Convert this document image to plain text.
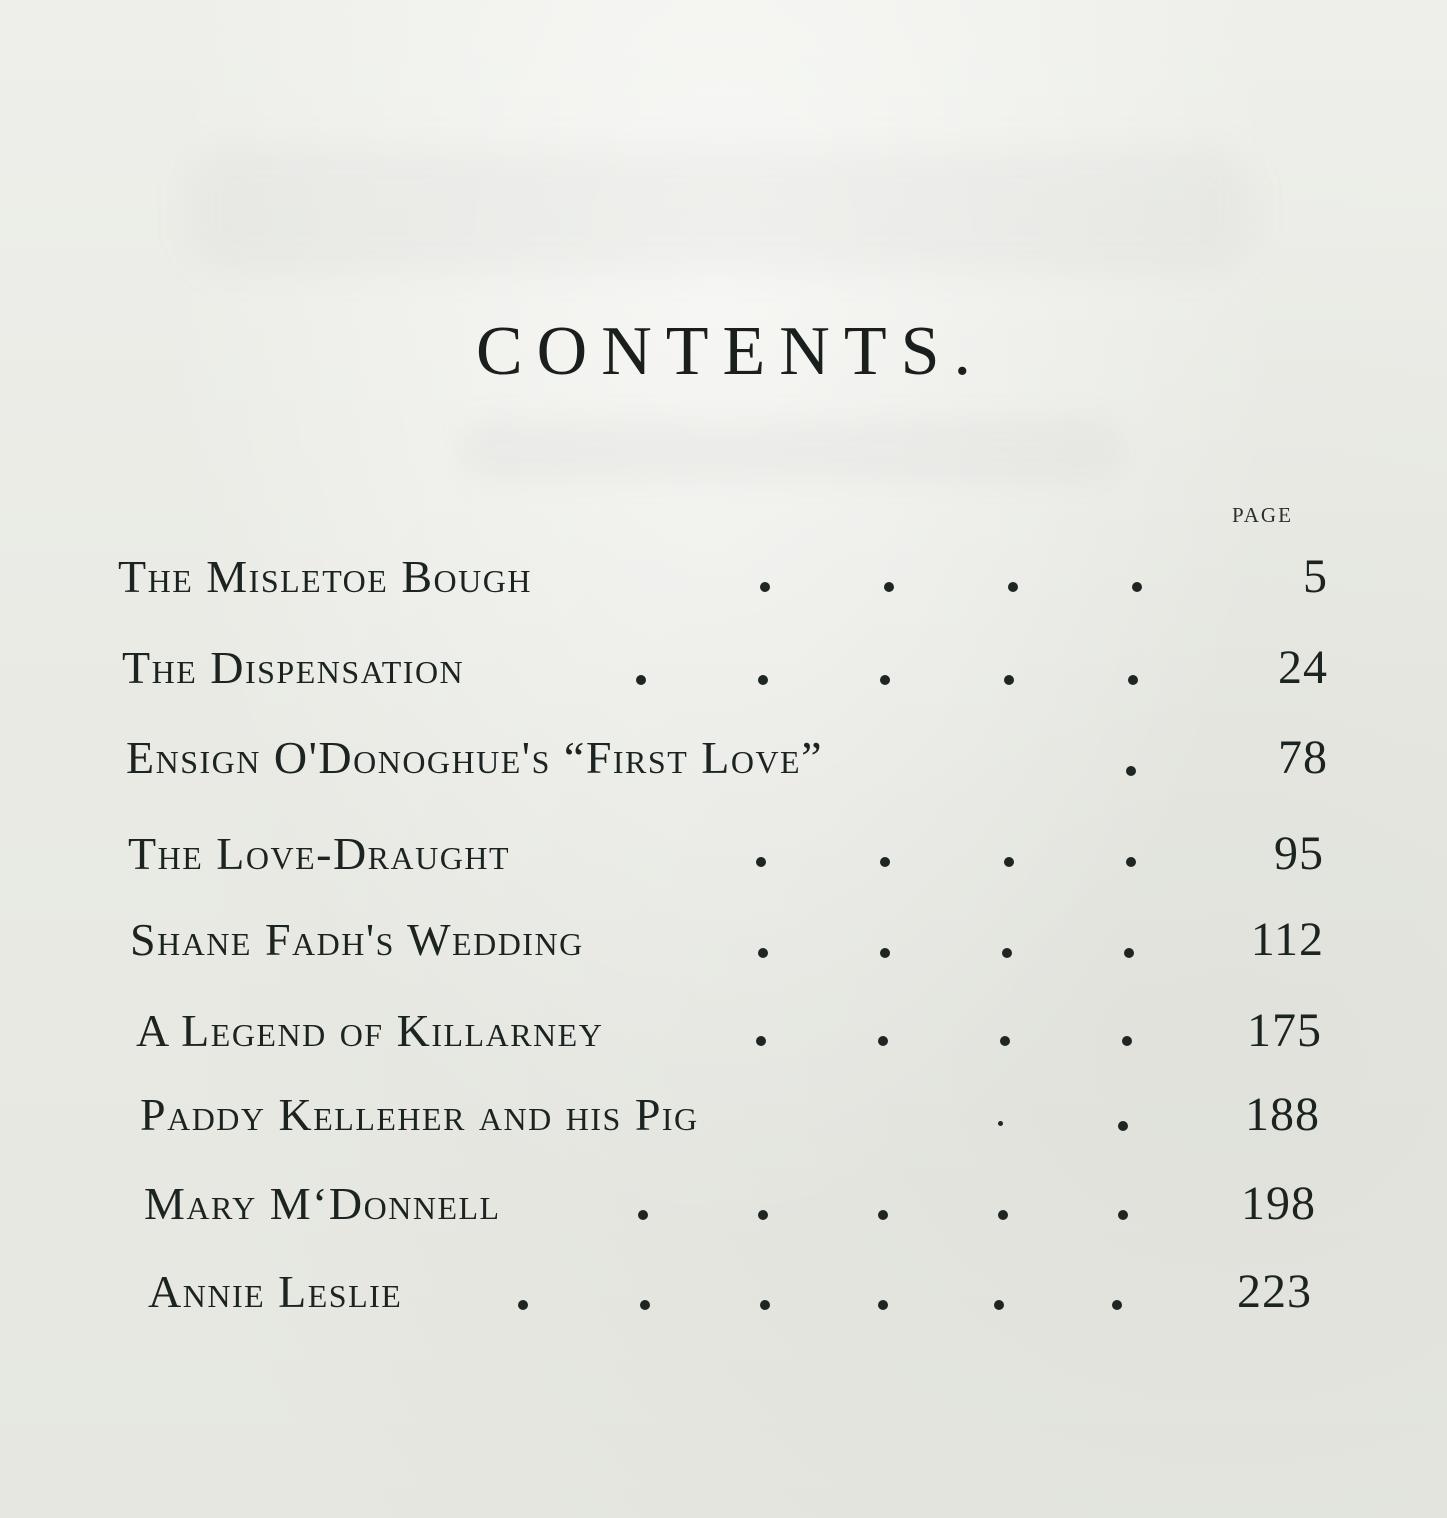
CONTENTS.
page
The Misletoe Bough	5
The Dispensation	24
Ensign O'Donoghue's “First Love”	78
The Love-Draught	95
Shane Fadh's Wedding	112
A Legend of Killarney	175
Paddy Kelleher and his Pig	188
Mary M‘Donnell	198
Annie Leslie	223
